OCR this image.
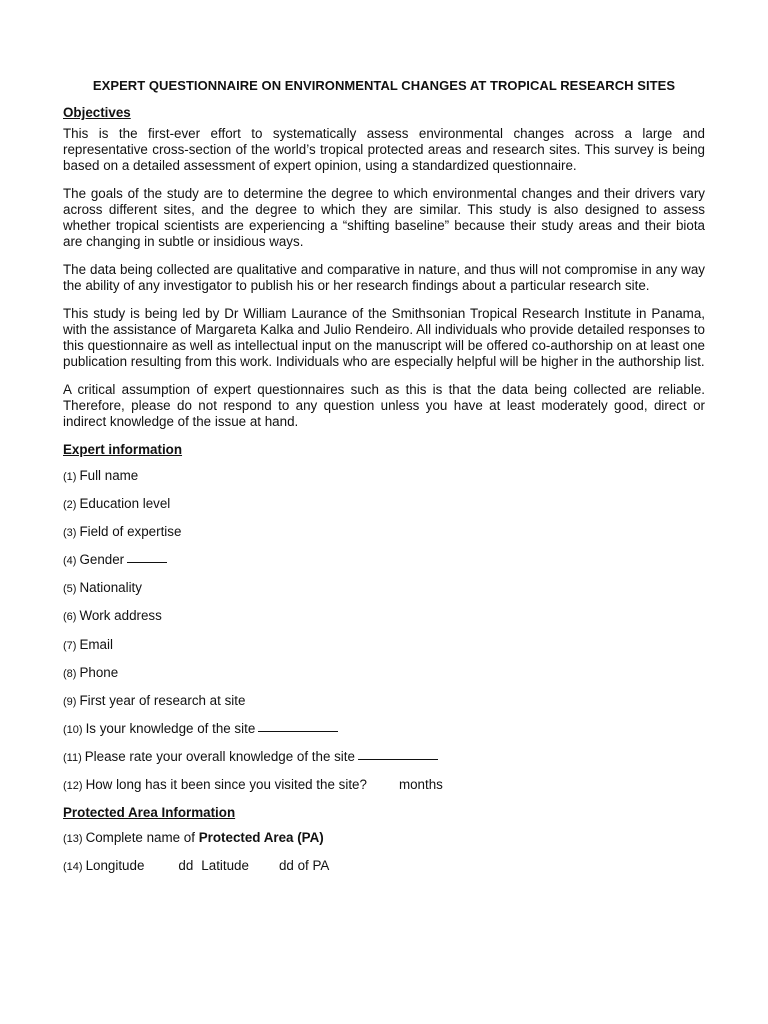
EXPERT QUESTIONNAIRE ON ENVIRONMENTAL CHANGES AT TROPICAL RESEARCH SITES
Objectives

This is the first-ever effort to systematically assess environmental changes across a large and representative cross-section of the world’s tropical protected areas and research sites. This survey is being based on a detailed assessment of expert opinion, using a standardized questionnaire.

The goals of the study are to determine the degree to which environmental changes and their drivers vary across different sites, and the degree to which they are similar. This study is also designed to assess whether tropical scientists are experiencing a “shifting baseline” because their study areas and their biota are changing in subtle or insidious ways.

The data being collected are qualitative and comparative in nature, and thus will not compromise in any way the ability of any investigator to publish his or her research findings about a particular research site.

This study is being led by Dr William Laurance of the Smithsonian Tropical Research Institute in Panama, with the assistance of Margareta Kalka and Julio Rendeiro. All individuals who provide detailed responses to this questionnaire as well as intellectual input on the manuscript will be offered co-authorship on at least one publication resulting from this work. Individuals who are especially helpful will be higher in the authorship list.

A critical assumption of expert questionnaires such as this is that the data being collected are reliable. Therefore, please do not respond to any question unless you have at least moderately good, direct or indirect knowledge of the issue at hand.

Expert information
(1) Full name
(2) Education level
(3) Field of expertise
(4) Gender
(5) Nationality
(6) Work address
(7) Email
(8) Phone
(9) First year of research at site
(10) Is your knowledge of the site
(11) Please rate your overall knowledge of the site
(12) How long has it been since you visited the site? months
Protected Area Information
(13) Complete name of Protected Area (PA)
(14) Longitude	dd Latitude dd of PA
